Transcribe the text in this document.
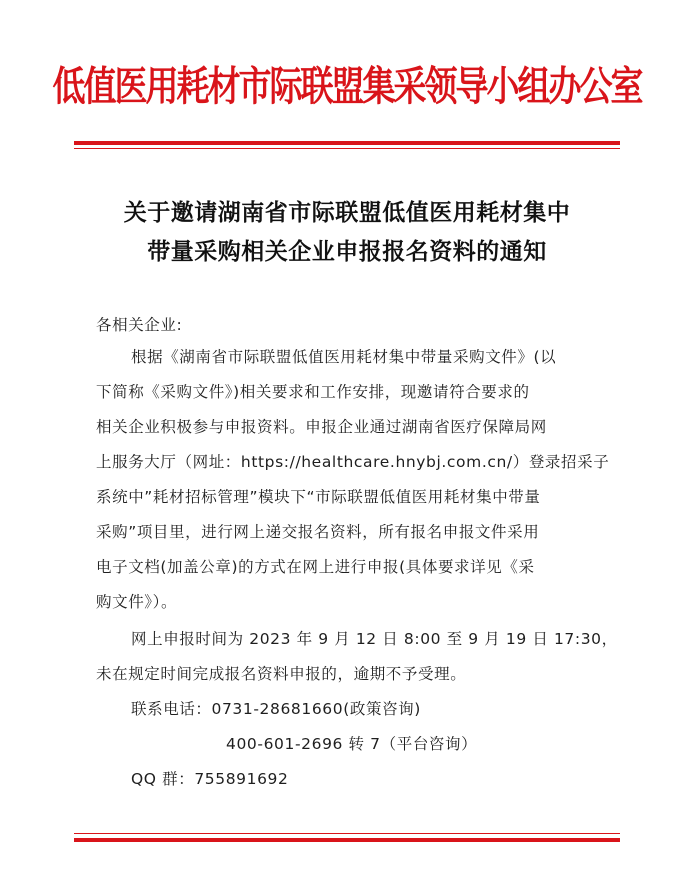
低值医用耗材市际联盟集采领导小组办公室
关于邀请湖南省市际联盟低值医用耗材集中
带量采购相关企业申报报名资料的通知
各相关企业:
根据《湖南省市际联盟低值医用耗材集中带量采购文件》(以
下简称《采购文件》)相关要求和工作安排，现邀请符合要求的
相关企业积极参与申报资料。申报企业通过湖南省医疗保障局网
上服务大厅（网址：https://healthcare.hnybj.com.cn/）登录招采子
系统中”耗材招标管理”模块下“市际联盟低值医用耗材集中带量
采购”项目里，进行网上递交报名资料，所有报名申报文件采用
电子文档(加盖公章)的方式在网上进行申报(具体要求详见《采
购文件》）。
网上申报时间为 2023 年 9 月 12 日 8:00 至 9 月 19 日 17:30，
未在规定时间完成报名资料申报的，逾期不予受理。
联系电话：0731-28681660(政策咨询)
400-601-2696 转 7（平台咨询）
QQ 群：755891692
